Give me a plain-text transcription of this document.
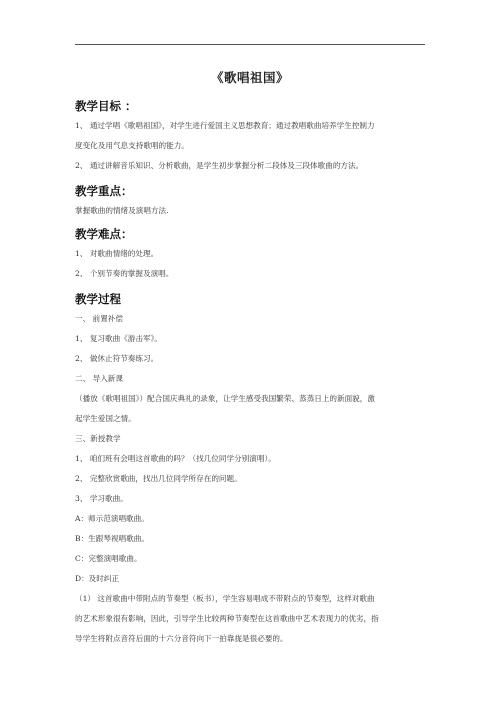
《歌唱祖国》
教学目标 ：
1、 通过学唱《歌唱祖国》，对学生进行爱国主义思想教育；通过教唱歌曲培养学生控制力
度变化及用气息支持歌唱的能力。
2、 通过讲解音乐知识、分析歌曲，是学生初步掌握分析二段体及三段体歌曲的方法。
教学重点：
掌握歌曲的情绪及演唱方法.
教学难点：
1、 对歌曲情绪的处理。
2、 个别节奏的掌握及演唱。
教学过程
一、 前置补偿
1、 复习歌曲《游击军》。
2、 做休止符节奏练习。
二、 导入新课
（播放《歌唱祖国》）配合国庆典礼的录象，让学生感受我国繁荣、蒸蒸日上的新面貌，激
起学生爱国之情。
三、新授教学
1、 咱们班有会唱这首歌曲的吗？（找几位同学分别演唱）。
2、 完整欣赏歌曲，找出几位同学所存在的问题。
3、 学习歌曲。
A：师示范演唱歌曲。
B：生跟琴视唱歌曲。
C：完整演唱歌曲。
D：及时纠正
（1） 这首歌曲中带附点的节奏型（板书），学生容易唱成不带附点的节奏型，这样对歌曲
的艺术形象很有影响，因此，引导学生比较两种节奏型在这首歌曲中艺术表现力的优劣，指
导学生将附点音符后面的十六分音符向下一拍靠拢是很必要的。
